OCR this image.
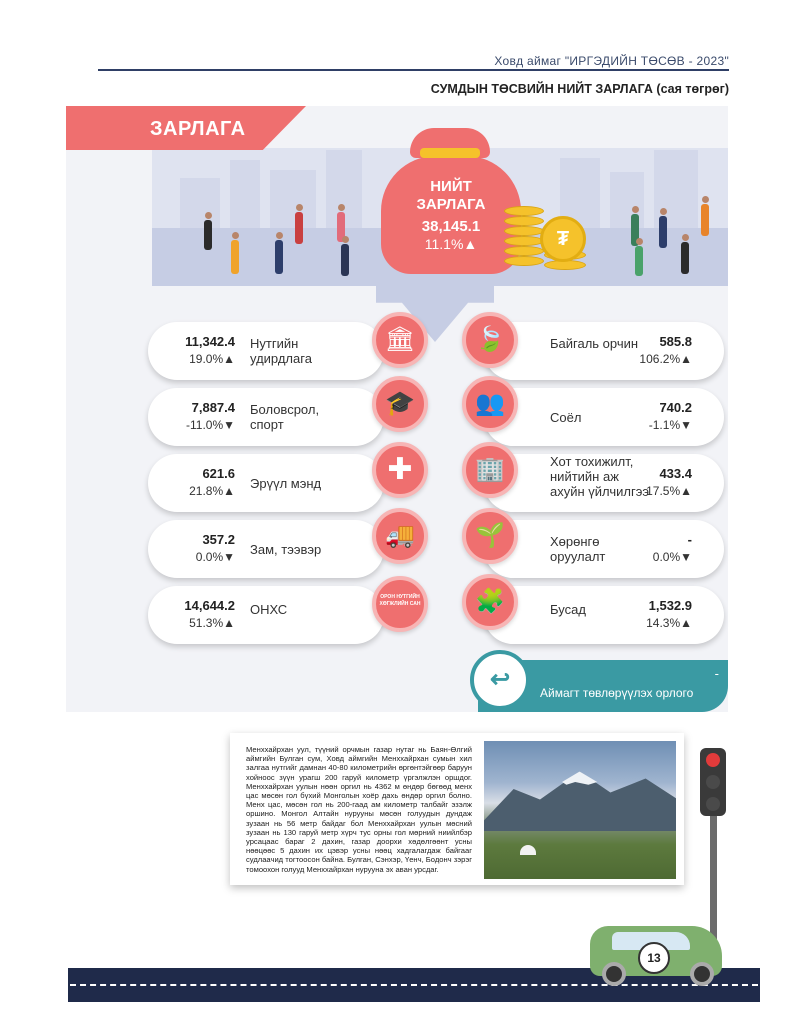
Ховд аймаг "ИРГЭДИЙН ТӨСӨВ - 2023"
СУМДЫН ТӨСВИЙН НИЙТ ЗАРЛАГА (сая төгрөг)
ЗАРЛАГА
НИЙТ
ЗАРЛАГА
38,145.1
11.1%▲	₮
11,342.4
19.0%▲
Нутгийн удирдлага
7,887.4
-11.0%▼
Боловсрол, спорт
621.6
21.8%▲ Эрүүл мэнд
357.2
0.0%▼ Зам, тээвэр
14,644.2
51.3%▲
ОНХС
Байгаль орчин	585.8
106.2%▲
Соёл
740.2
-1.1%▼
Хот тохижилт, нийтийн аж ахуйн үйлчилгээ
433.4
17.5%▲
Хөрөнгө оруулалт
-
0.0%▼
Бусад	1,532.9
14.3%▲
🏛
🎓
✚
🚚
ОРОН НУТГИЙН ХӨГЖЛИЙН САН
🍃
👥
🏢
🌱
🧩
↩	-
Аймагт төвлөрүүлэх орлого
Менххайрхан уул, түүний орчмын газар нутаг нь Баян-Өлгий аймгийн Булган сум, Ховд аймгийн Менххайрхан сумын хил залгаа нутгийг дамнан 40-80 километрийн өргөнтэйгөөр баруун хойноос зүүн урагш 200 гаруй километр үргэлжлэн оршдог. Менххайрхан уулын нөөн оргил нь 4362 м өндөр бөгөөд менх цас мөсөн гол бүхий Монголын хоёр дахь өндөр оргил болно. Менх цас, мөсөн гол нь 200-гаад ам километр талбайг эзэлж оршино. Монгол Алтайн нурууны мөсөн голуудын дундаж зузаан нь 56 метр байдаг бол Менххайрхан уулын мөсний зузаан нь 130 гаруй метр хүрч тус орны гол мөрний ниийлбэр урсацаас бараг 2 дахин, газар доорхи хөдөлгөөнт усны нөөцөөс 5 дахин их цэвэр усны нөөц хадгалагдаж байгааг судлаачид тогтоосон байна. Булган, Сэнхэр, Үенч, Бодонч зэрэг томоохон голууд Менххайрхан нурууна эх аван урсдаг.
13
